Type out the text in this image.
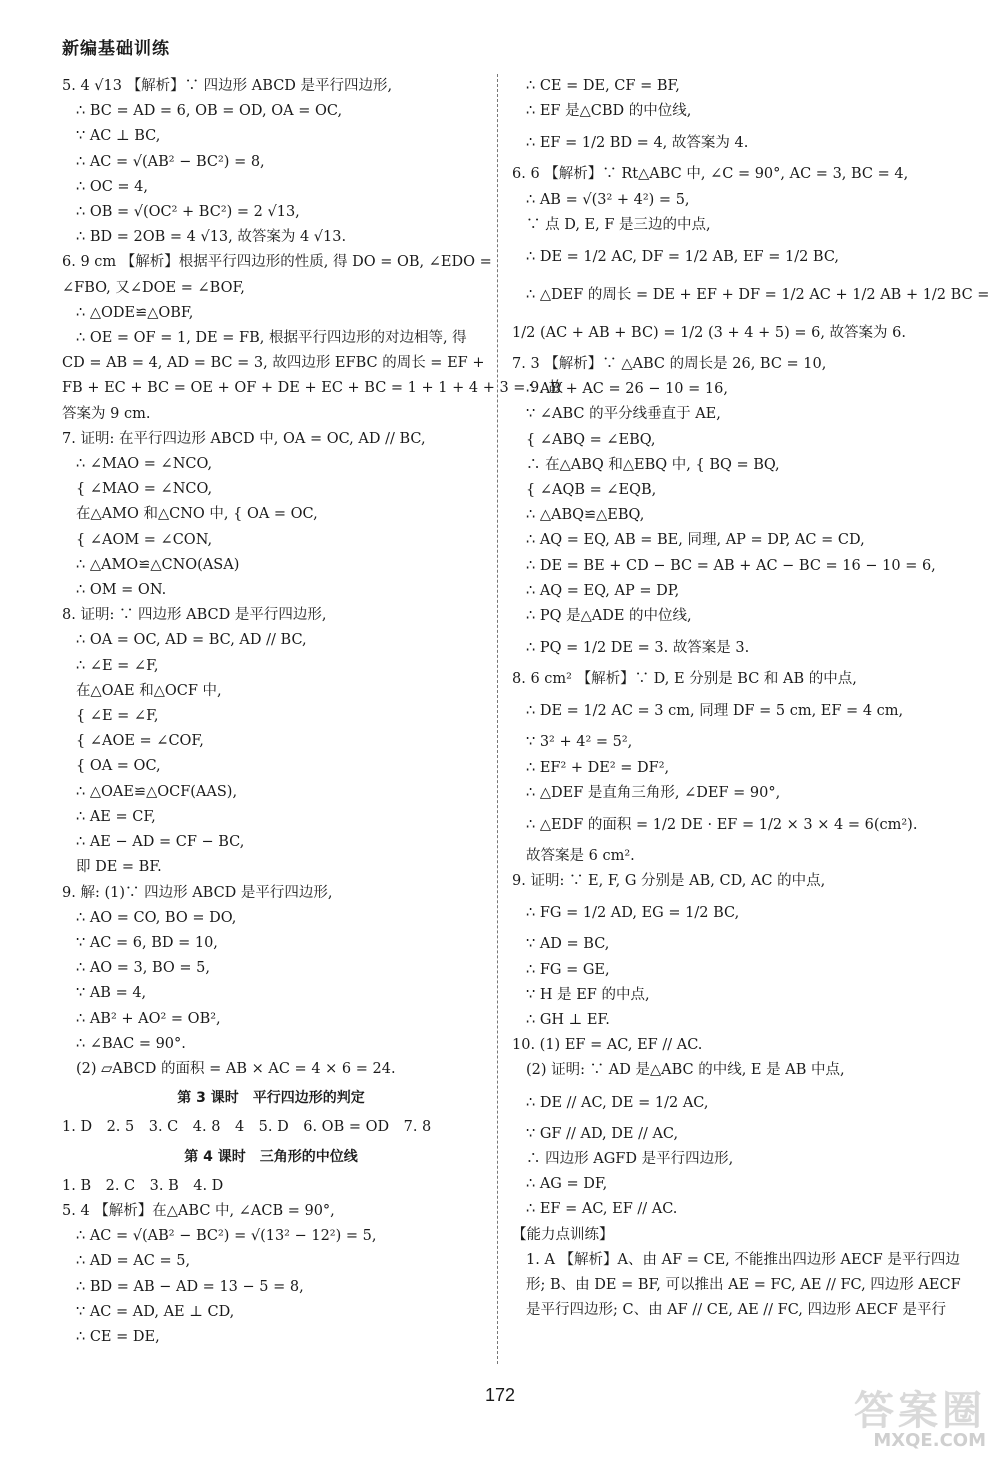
新编基础训练
5. 4 √13 【解析】∵ 四边形 ABCD 是平行四边形,
∴ BC = AD = 6, OB = OD, OA = OC,
∵ AC ⊥ BC,
∴ AC = √(AB² − BC²) = 8,
∴ OC = 4,
∴ OB = √(OC² + BC²) = 2 √13,
∴ BD = 2OB = 4 √13, 故答案为 4 √13.
6. 9 cm 【解析】根据平行四边形的性质, 得 DO = OB, ∠EDO =
∠FBO, 又∠DOE = ∠BOF,
∴ △ODE≌△OBF,
∴ OE = OF = 1, DE = FB, 根据平行四边形的对边相等, 得
CD = AB = 4, AD = BC = 3, 故四边形 EFBC 的周长 = EF +
FB + EC + BC = OE + OF + DE + EC + BC = 1 + 1 + 4 + 3 = 9. 故
答案为 9 cm.
7. 证明: 在平行四边形 ABCD 中, OA = OC, AD // BC,
∴ ∠MAO = ∠NCO,
{ ∠MAO = ∠NCO,
在△AMO 和△CNO 中, { OA = OC,
{ ∠AOM = ∠CON,
∴ △AMO≌△CNO(ASA)
∴ OM = ON.
8. 证明: ∵ 四边形 ABCD 是平行四边形,
∴ OA = OC, AD = BC, AD // BC,
∴ ∠E = ∠F,
在△OAE 和△OCF 中,
{ ∠E = ∠F,
{ ∠AOE = ∠COF,
{ OA = OC,
∴ △OAE≌△OCF(AAS),
∴ AE = CF,
∴ AE − AD = CF − BC,
即 DE = BF.
9. 解: (1)∵ 四边形 ABCD 是平行四边形,
∴ AO = CO, BO = DO,
∵ AC = 6, BD = 10,
∴ AO = 3, BO = 5,
∵ AB = 4,
∴ AB² + AO² = OB²,
∴ ∠BAC = 90°.
(2) ▱ABCD 的面积 = AB × AC = 4 × 6 = 24.
第 3 课时　平行四边形的判定
1. D　2. 5　3. C　4. 8　4　5. D　6. OB = OD　7. 8
第 4 课时　三角形的中位线
1. B　2. C　3. B　4. D
5. 4 【解析】在△ABC 中, ∠ACB = 90°,
∴ AC = √(AB² − BC²) = √(13² − 12²) = 5,
∴ AD = AC = 5,
∴ BD = AB − AD = 13 − 5 = 8,
∵ AC = AD, AE ⊥ CD,
∴ CE = DE,
∴ CE = DE, CF = BF,
∴ EF 是△CBD 的中位线,
∴ EF = 1/2 BD = 4, 故答案为 4.
6. 6 【解析】∵ Rt△ABC 中, ∠C = 90°, AC = 3, BC = 4,
∴ AB = √(3² + 4²) = 5,
∵ 点 D, E, F 是三边的中点,
∴ DE = 1/2 AC, DF = 1/2 AB, EF = 1/2 BC,
∴ △DEF 的周长 = DE + EF + DF = 1/2 AC + 1/2 AB + 1/2 BC =
1/2 (AC + AB + BC) = 1/2 (3 + 4 + 5) = 6, 故答案为 6.
7. 3 【解析】∵ △ABC 的周长是 26, BC = 10,
∴ AB + AC = 26 − 10 = 16,
∵ ∠ABC 的平分线垂直于 AE,
{ ∠ABQ = ∠EBQ,
∴ 在△ABQ 和△EBQ 中, { BQ = BQ,
{ ∠AQB = ∠EQB,
∴ △ABQ≌△EBQ,
∴ AQ = EQ, AB = BE, 同理, AP = DP, AC = CD,
∴ DE = BE + CD − BC = AB + AC − BC = 16 − 10 = 6,
∴ AQ = EQ, AP = DP,
∴ PQ 是△ADE 的中位线,
∴ PQ = 1/2 DE = 3. 故答案是 3.
8. 6 cm² 【解析】∵ D, E 分别是 BC 和 AB 的中点,
∴ DE = 1/2 AC = 3 cm, 同理 DF = 5 cm, EF = 4 cm,
∵ 3² + 4² = 5²,
∴ EF² + DE² = DF²,
∴ △DEF 是直角三角形, ∠DEF = 90°,
∴ △EDF 的面积 = 1/2 DE · EF = 1/2 × 3 × 4 = 6(cm²).
故答案是 6 cm².
9. 证明: ∵ E, F, G 分别是 AB, CD, AC 的中点,
∴ FG = 1/2 AD, EG = 1/2 BC,
∵ AD = BC,
∴ FG = GE,
∵ H 是 EF 的中点,
∴ GH ⊥ EF.
10. (1) EF = AC, EF // AC.
(2) 证明: ∵ AD 是△ABC 的中线, E 是 AB 中点,
∴ DE // AC, DE = 1/2 AC,
∵ GF // AD, DE // AC,
∴ 四边形 AGFD 是平行四边形,
∴ AG = DF,
∴ EF = AC, EF // AC.
【能力点训练】
1. A 【解析】A、由 AF = CE, 不能推出四边形 AECF 是平行四边
形; B、由 DE = BF, 可以推出 AE = FC, AE // FC, 四边形 AECF
是平行四边形; C、由 AF // CE, AE // FC, 四边形 AECF 是平行
172	答案圈
MXQE.COM
